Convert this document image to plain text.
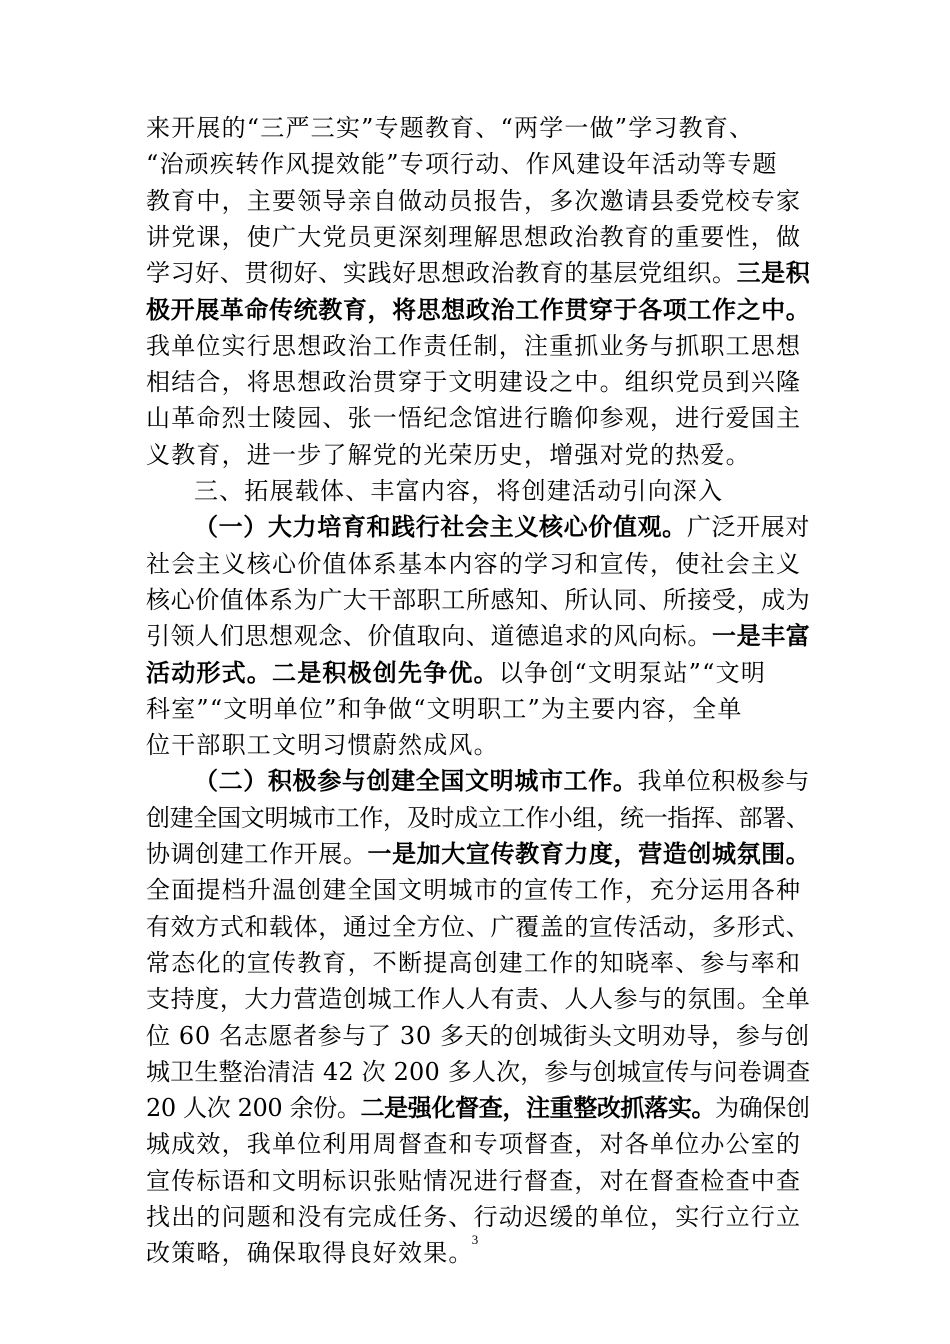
来开展的“三严三实”专题教育、“两学一做”学习教育、
“治顽疾转作风提效能”专项行动、作风建设年活动等专题
教育中，主要领导亲自做动员报告，多次邀请县委党校专家
讲党课，使广大党员更深刻理解思想政治教育的重要性，做
学习好、贯彻好、实践好思想政治教育的基层党组织。三是积
极开展革命传统教育，将思想政治工作贯穿于各项工作之中。
我单位实行思想政治工作责任制，注重抓业务与抓职工思想
相结合，将思想政治贯穿于文明建设之中。组织党员到兴隆
山革命烈士陵园、张一悟纪念馆进行瞻仰参观，进行爱国主
义教育，进一步了解党的光荣历史，增强对党的热爱。
三、拓展载体、丰富内容，将创建活动引向深入
（一）大力培育和践行社会主义核心价值观。广泛开展对
社会主义核心价值体系基本内容的学习和宣传，使社会主义
核心价值体系为广大干部职工所感知、所认同、所接受，成为
引领人们思想观念、价值取向、道德追求的风向标。一是丰富
活动形式。二是积极创先争优。以争创“文明泵站”“文明
科室”“文明单位”和争做“文明职工”为主要内容，全单
位干部职工文明习惯蔚然成风。
（二）积极参与创建全国文明城市工作。我单位积极参与
创建全国文明城市工作，及时成立工作小组，统一指挥、部署、
协调创建工作开展。一是加大宣传教育力度，营造创城氛围。
全面提档升温创建全国文明城市的宣传工作，充分运用各种
有效方式和载体，通过全方位、广覆盖的宣传活动，多形式、
常态化的宣传教育，不断提高创建工作的知晓率、参与率和
支持度，大力营造创城工作人人有责、人人参与的氛围。全单
位 60 名志愿者参与了 30 多天的创城街头文明劝导，参与创
城卫生整治清洁 42 次 200 多人次，参与创城宣传与问卷调查
20 人次 200 余份。二是强化督查，注重整改抓落实。为确保创
城成效，我单位利用周督查和专项督查，对各单位办公室的
宣传标语和文明标识张贴情况进行督查，对在督查检查中查
找出的问题和没有完成任务、行动迟缓的单位，实行立行立
改策略，确保取得良好效果。
3
